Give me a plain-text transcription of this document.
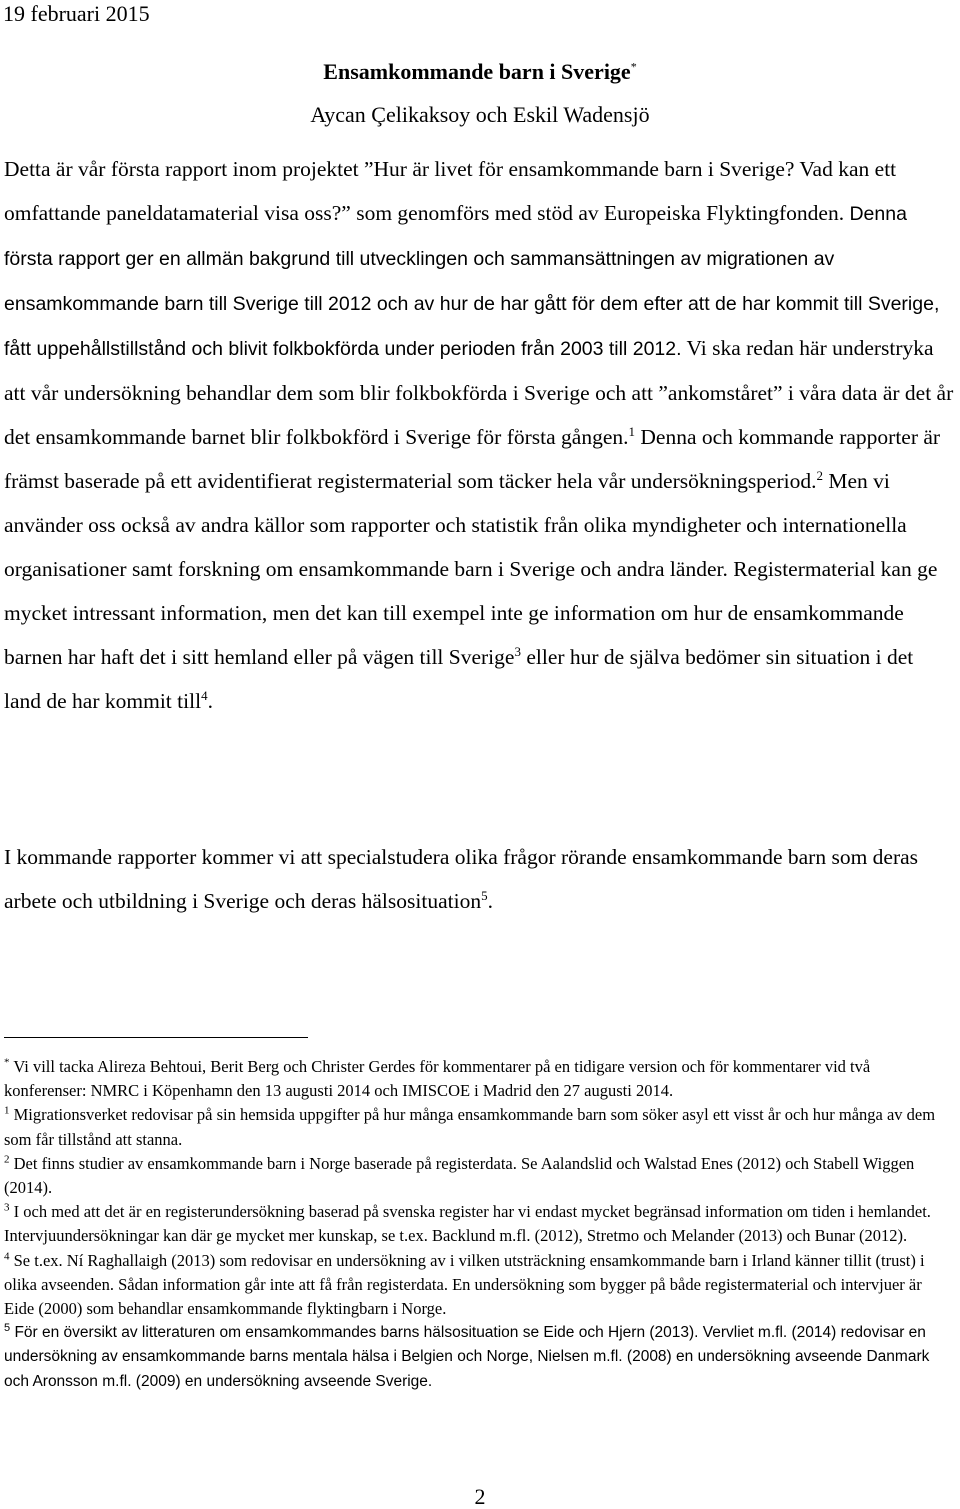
19 februari 2015
Ensamkommande barn i Sverige*
Aycan Çelikaksoy och Eskil Wadensjö
Detta är vår första rapport inom projektet ”Hur är livet för ensamkommande barn i Sverige? Vad kan ett omfattande paneldatamaterial visa oss?” som genomförs med stöd av Europeiska Flyktingfonden. Denna första rapport ger en allmän bakgrund till utvecklingen och sammansättningen av migrationen av ensamkommande barn till Sverige till 2012 och av hur de har gått för dem efter att de har kommit till Sverige, fått uppehållstillstånd och blivit folkbokförda under perioden från 2003 till 2012. Vi ska redan här understryka att vår undersökning behandlar dem som blir folkbokförda i Sverige och att ”ankomståret” i våra data är det år det ensamkommande barnet blir folkbokförd i Sverige för första gången.$^1$ Denna och kommande rapporter är främst baserade på ett avidentifierat registermaterial som täcker hela vår undersökningsperiod.$^2$ Men vi använder oss också av andra källor som rapporter och statistik från olika myndigheter och internationella organisationer samt forskning om ensamkommande barn i Sverige och andra länder. Registermaterial kan ge mycket intressant information, men det kan till exempel inte ge information om hur de ensamkommande barnen har haft det i sitt hemland eller på vägen till Sverige$^3$ eller hur de själva bedömer sin situation i det land de har kommit till$^4$.
I kommande rapporter kommer vi att specialstudera olika frågor rörande ensamkommande barn som deras arbete och utbildning i Sverige och deras hälsosituation$^5$.
* Vi vill tacka Alireza Behtoui, Berit Berg och Christer Gerdes för kommentarer på en tidigare version och för kommentarer vid två konferenser: NMRC i Köpenhamn den 13 augusti 2014 och IMISCOE i Madrid den 27 augusti 2014.
$^1$ Migrationsverket redovisar på sin hemsida uppgifter på hur många ensamkommande barn som söker asyl ett visst år och hur många av dem som får tillstånd att stanna.
$^2$ Det finns studier av ensamkommande barn i Norge baserade på registerdata. Se Aalandslid och Walstad Enes (2012) och Stabell Wiggen (2014).
$^3$ I och med att det är en registerundersökning baserad på svenska register har vi endast mycket begränsad information om tiden i hemlandet. Intervjuundersökningar kan där ge mycket mer kunskap, se t.ex. Backlund m.fl. (2012), Stretmo och Melander (2013) och Bunar (2012).
$^4$ Se t.ex. Ní Raghallaigh (2013) som redovisar en undersökning av i vilken utsträckning ensamkommande barn i Irland känner tillit (trust) i olika avseenden. Sådan information går inte att få från registerdata. En undersökning som bygger på både registermaterial och intervjuer är Eide (2000) som behandlar ensamkommande flyktingbarn i Norge.
$^5$ För en översikt av litteraturen om ensamkommandes barns hälsosituation se Eide och Hjern (2013). Vervliet m.fl. (2014) redovisar en undersökning av ensamkommande barns mentala hälsa i Belgien och Norge, Nielsen m.fl. (2008) en undersökning avseende Danmark och Aronsson m.fl. (2009) en undersökning avseende Sverige.
2
